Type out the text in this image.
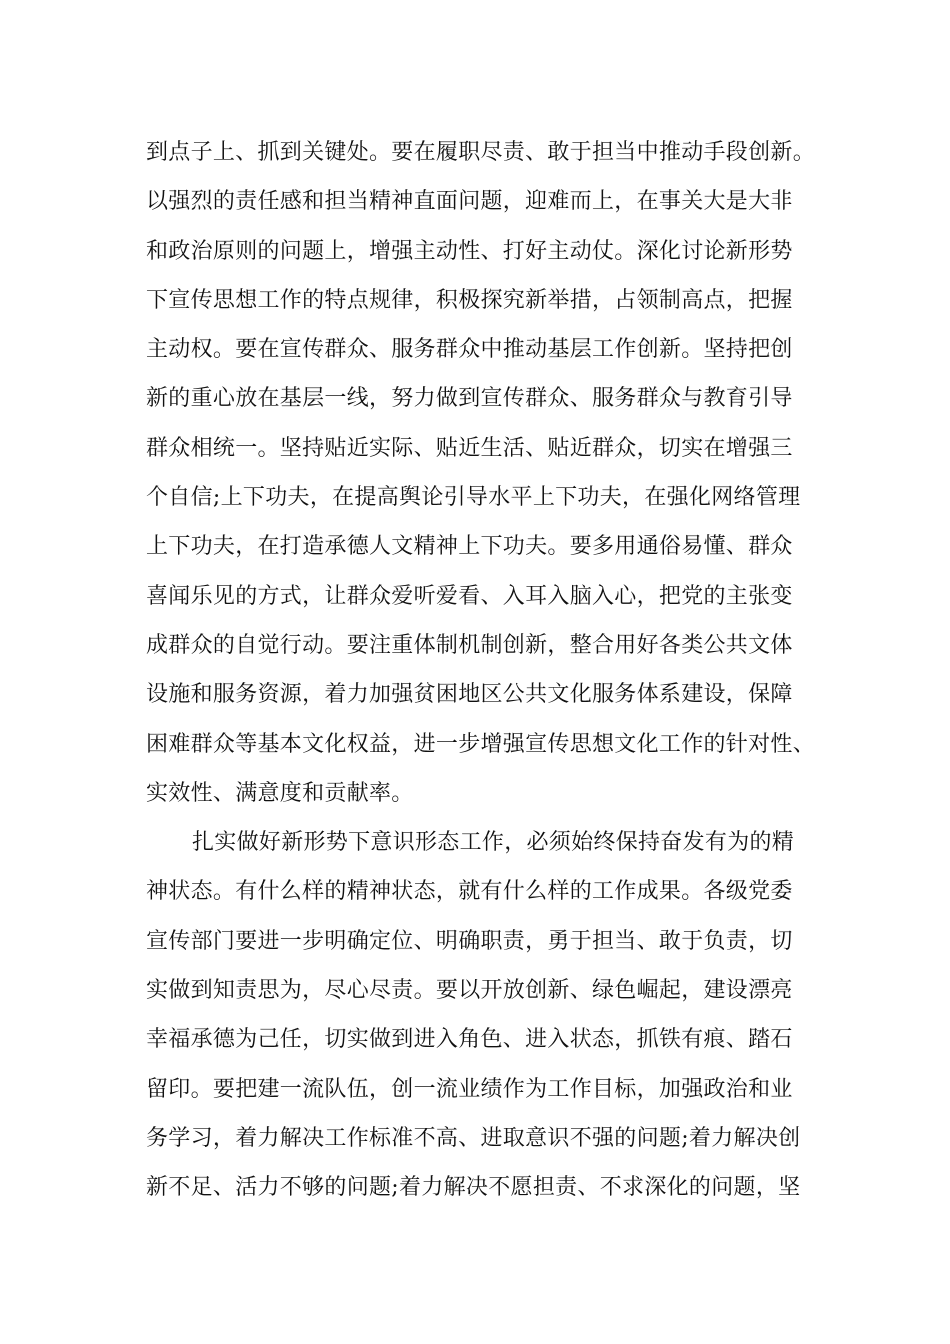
到点子上、抓到关键处。要在履职尽责、敢于担当中推动手段创新。
以强烈的责任感和担当精神直面问题，迎难而上，在事关大是大非
和政治原则的问题上，增强主动性、打好主动仗。深化讨论新形势
下宣传思想工作的特点规律，积极探究新举措，占领制高点，把握
主动权。要在宣传群众、服务群众中推动基层工作创新。坚持把创
新的重心放在基层一线，努力做到宣传群众、服务群众与教育引导
群众相统一。坚持贴近实际、贴近生活、贴近群众，切实在增强三
个自信;上下功夫，在提高舆论引导水平上下功夫，在强化网络管理
上下功夫，在打造承德人文精神上下功夫。要多用通俗易懂、群众
喜闻乐见的方式，让群众爱听爱看、入耳入脑入心，把党的主张变
成群众的自觉行动。要注重体制机制创新，整合用好各类公共文体
设施和服务资源，着力加强贫困地区公共文化服务体系建设，保障
困难群众等基本文化权益，进一步增强宣传思想文化工作的针对性、
实效性、满意度和贡献率。
扎实做好新形势下意识形态工作，必须始终保持奋发有为的精
神状态。有什么样的精神状态，就有什么样的工作成果。各级党委
宣传部门要进一步明确定位、明确职责，勇于担当、敢于负责，切
实做到知责思为，尽心尽责。要以开放创新、绿色崛起，建设漂亮
幸福承德为己任，切实做到进入角色、进入状态，抓铁有痕、踏石
留印。要把建一流队伍，创一流业绩作为工作目标，加强政治和业
务学习，着力解决工作标准不高、进取意识不强的问题;着力解决创
新不足、活力不够的问题;着力解决不愿担责、不求深化的问题，坚
